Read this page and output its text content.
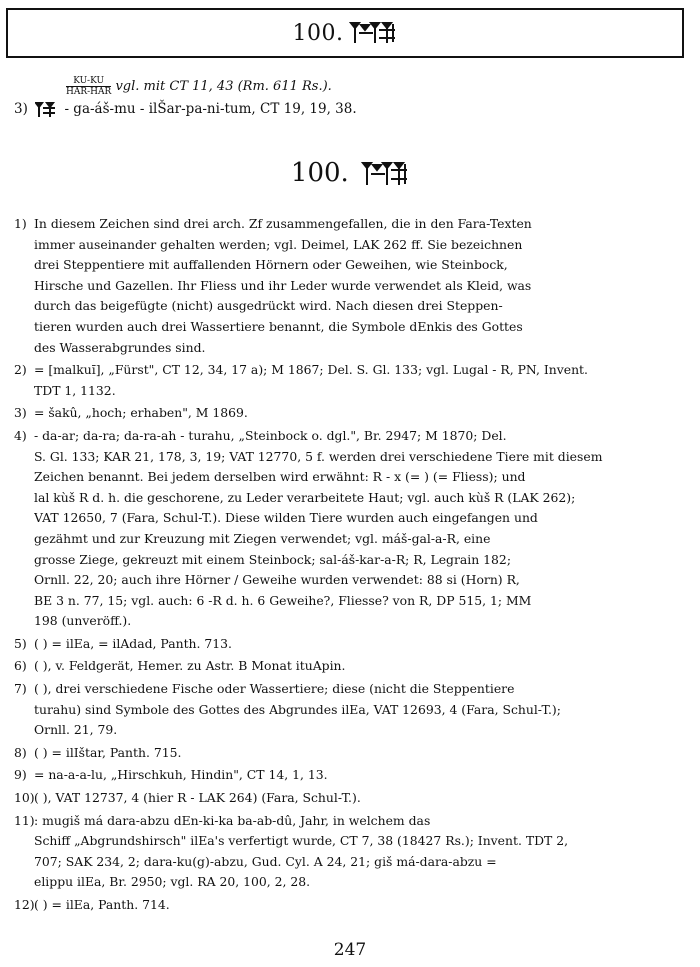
100.
KU-KU
HAR-HAR vgl. mit CT 11, 43 (Rm. 611 Rs.).
3)	- ga-áš-mu - ilŠar-pa-ni-tum, CT 19, 19, 38.
100.
1) In diesem Zeichen sind drei arch. Zf zusammengefallen, die in den Fara-Texten
immer auseinander gehalten werden; vgl. Deimel, LAK 262 ff. Sie bezeichnen
drei Steppentiere mit auffallenden Hörnern oder Geweihen, wie Steinbock,
Hirsche und Gazellen. Ihr Fliess und ihr Leder wurde verwendet als Kleid, was
durch das beigefügte (nicht) ausgedrückt wird. Nach diesen drei Steppen-
tieren wurden auch drei Wassertiere benannt, die Symbole dEnkis des Gottes
des Wasserabgrundes sind.
2) = [malkuı̄], „Fürst", CT 12, 34, 17 a); M 1867; Del. S. Gl. 133; vgl. Lugal - R, PN, Invent.
TDT 1, 1132.
3) = šakû, „hoch; erhaben", M 1869.
4) - da-ar; da-ra; da-ra-ah - turahu, „Steinbock o. dgl.", Br. 2947; M 1870; Del.
S. Gl. 133; KAR 21, 178, 3, 19; VAT 12770, 5 f. werden drei verschiedene Tiere mit diesem
Zeichen benannt. Bei jedem derselben wird erwähnt: R - x (= ) (= Fliess); und
lal kùš R d. h. die geschorene, zu Leder verarbeitete Haut; vgl. auch kùš R (LAK 262);
VAT 12650, 7 (Fara, Schul-T.). Diese wilden Tiere wurden auch eingefangen und
gezähmt und zur Kreuzung mit Ziegen verwendet; vgl. máš-gal-a-R, eine
grosse Ziege, gekreuzt mit einem Steinbock; sal-áš-kar-a-R; R, Legrain 182;
Ornll. 22, 20; auch ihre Hörner / Geweihe wurden verwendet: 88 si (Horn) R,
BE 3 n. 77, 15; vgl. auch: 6 -R d. h. 6 Geweihe?, Fliesse? von R, DP 515, 1; MM
198 (unveröff.).
5) ( ) = ilEa, = ilAdad, Panth. 713.
6) ( ), v. Feldgerät, Hemer. zu Astr. B Monat ituApin.
7) ( ), drei verschiedene Fische oder Wassertiere; diese (nicht die Steppentiere
turahu) sind Symbole des Gottes des Abgrundes ilEa, VAT 12693, 4 (Fara, Schul-T.);
Ornll. 21, 79.
8) ( ) = ilIštar, Panth. 715.
9) = na-a-a-lu, „Hirschkuh, Hindin", CT 14, 1, 13.
10) ( ), VAT 12737, 4 (hier R - LAK 264) (Fara, Schul-T.).
11) : mugiš má dara-abzu dEn-ki-ka ba-ab-dû, Jahr, in welchem das
Schiff „Abgrundshirsch" ilEa's verfertigt wurde, CT 7, 38 (18427 Rs.); Invent. TDT 2,
707; SAK 234, 2; dara-ku(g)-abzu, Gud. Cyl. A 24, 21; giš má-dara-abzu =
elippu ilEa, Br. 2950; vgl. RA 20, 100, 2, 28.
12) ( ) = ilEa, Panth. 714.
247
